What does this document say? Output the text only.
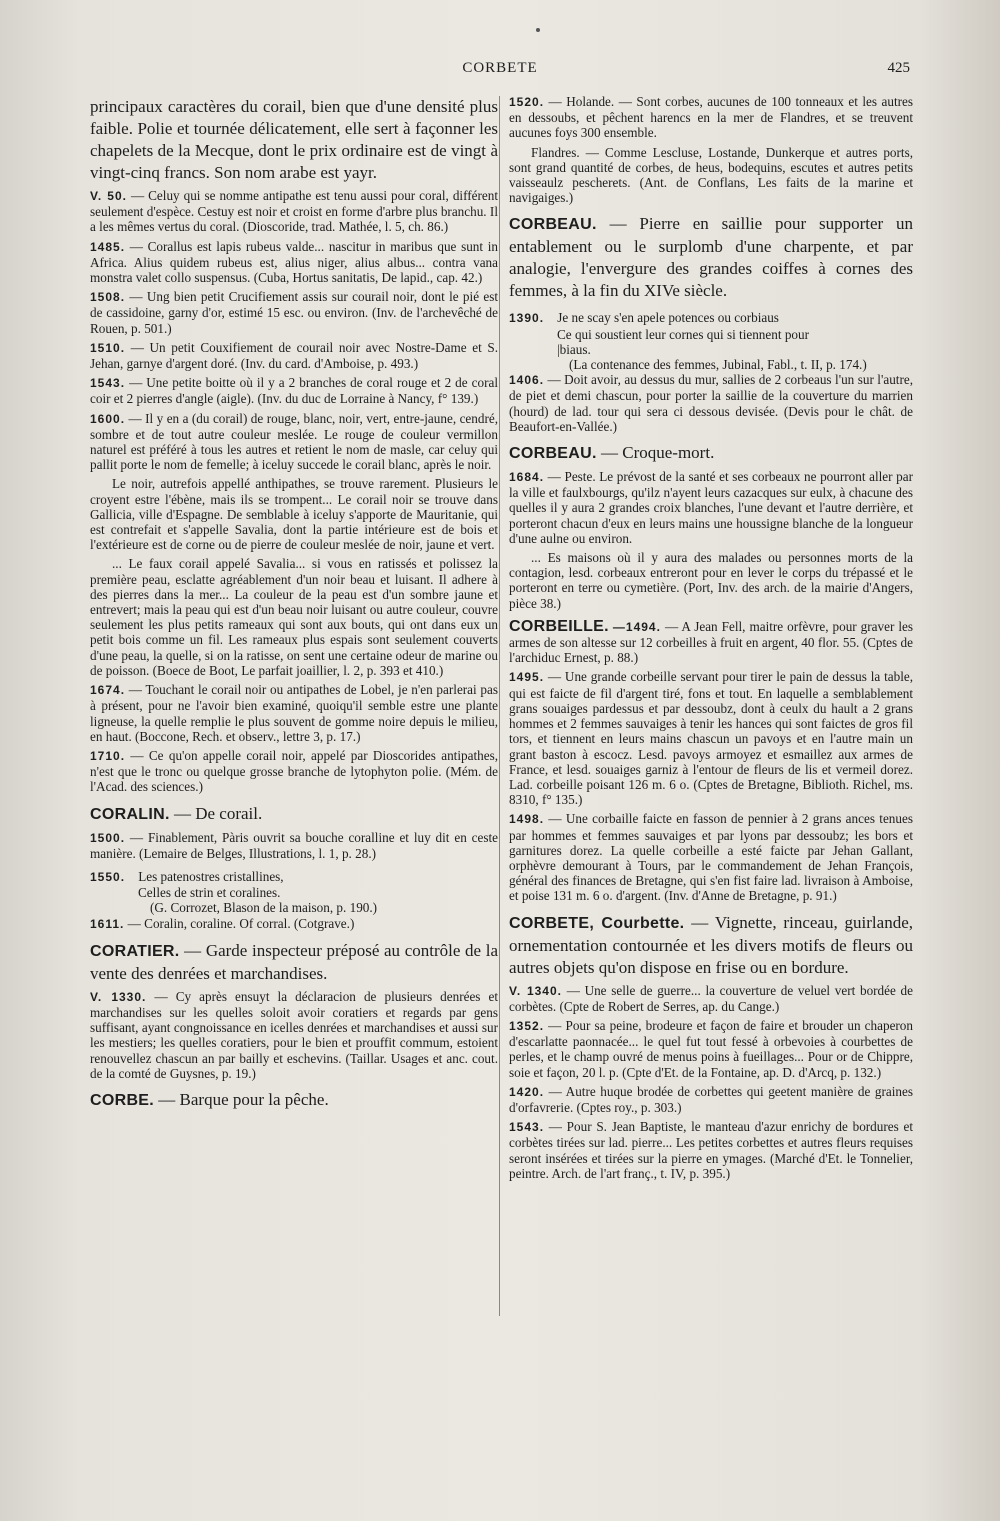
CORBETE	425

principaux caractères du corail, bien que d'une densité plus faible. Polie et tournée délicatement, elle sert à façonner les chapelets de la Mecque, dont le prix ordinaire est de vingt à vingt-cinq francs. Son nom arabe est yayr.

V. 50. — Celuy qui se nomme antipathe est tenu aussi pour coral, différent seulement d'espèce. Cestuy est noir et croist en forme d'arbre plus branchu. Il a les mêmes vertus du coral. (Dioscoride, trad. Mathée, l. 5, ch. 86.)

1485. — Corallus est lapis rubeus valde... nascitur in maribus que sunt in Africa. Alius quidem rubeus est, alius niger, alius albus... contra vana monstra valet collo suspensus. (Cuba, Hortus sanitatis, De lapid., cap. 42.)

1508. — Ung bien petit Crucifiement assis sur courail noir, dont le pié est de cassidoine, garny d'or, estimé 15 esc. ou environ. (Inv. de l'archevêché de Rouen, p. 501.)

1510. — Un petit Couxifiement de courail noir avec Nostre-Dame et S. Jehan, garnye d'argent doré. (Inv. du card. d'Amboise, p. 493.)

1543. — Une petite boitte où il y a 2 branches de coral rouge et 2 de coral coir et 2 pierres d'angle (aigle). (Inv. du duc de Lorraine à Nancy, f° 139.)

1600. — Il y en a (du corail) de rouge, blanc, noir, vert, entre-jaune, cendré, sombre et de tout autre couleur meslée. Le rouge de couleur vermillon naturel est préféré à tous les autres et retient le nom de masle, car celuy qui pallit porte le nom de femelle; à iceluy succede le corail blanc, après le noir.

Le noir, autrefois appellé anthipathes, se trouve rarement. Plusieurs le croyent estre l'ébène, mais ils se trompent... Le corail noir se trouve dans Gallicia, ville d'Espagne. De semblable à iceluy s'apporte de Mauritanie, qui est contrefait et s'appelle Savalia, dont la partie intérieure est de bois et l'extérieure est de corne ou de pierre de couleur meslée de noir, jaune et vert.

... Le faux corail appelé Savalia... si vous en ratissés et polissez la première peau, esclatte agréablement d'un noir beau et luisant. Il adhere à des pierres dans la mer... La couleur de la peau est d'un sombre jaune et entrevert; mais la peau qui est d'un beau noir luisant ou autre couleur, couvre seulement les plus petits rameaux qui sont aux bouts, qui ont dans eux un petit bois comme un fil. Les rameaux plus espais sont seulement couverts d'une peau, la quelle, si on la ratisse, on sent une certaine odeur de marine ou de poisson. (Boece de Boot, Le parfait joaillier, l. 2, p. 393 et 410.)

1674. — Touchant le corail noir ou antipathes de Lobel, je n'en parlerai pas à présent, pour ne l'avoir bien examiné, quoiqu'il semble estre une plante ligneuse, la quelle remplie le plus souvent de gomme noire depuis le milieu, en haut. (Boccone, Rech. et observ., lettre 3, p. 17.)

1710. — Ce qu'on appelle corail noir, appelé par Dioscorides antipathes, n'est que le tronc ou quelque grosse branche de lytophyton polie. (Mém. de l'Acad. des sciences.)

CORALIN. — De corail.

1500. — Finablement, Pàris ouvrit sa bouche coralline et luy dit en ceste manière. (Lemaire de Belges, Illustrations, l. 1, p. 28.)

1550.  Les patenostres cristallines,
Celles de strin et coralines.
(G. Corrozet, Blason de la maison, p. 190.)

1611. — Coralin, coraline. Of corral. (Cotgrave.)

CORATIER. — Garde inspecteur préposé au contrôle de la vente des denrées et marchandises.

V. 1330. — Cy après ensuyt la déclaracion de plusieurs denrées et marchandises sur les quelles soloit avoir coratiers et regards par gens suffisant, ayant congnoissance en icelles denrées et marchandises et aussi sur les mestiers; les quelles coratiers, pour le bien et prouffit commum, estoient renouvellez chascun an par bailly et eschevins. (Taillar. Usages et anc. cout. de la comté de Guysnes, p. 19.)

CORBE. — Barque pour la pêche.

1520. — Holande. — Sont corbes, aucunes de 100 tonneaux et les autres en dessoubs, et pêchent harencs en la mer de Flandres, et se treuvent aucunes foys 300 ensemble.

Flandres. — Comme Lesclusе, Lostande, Dunkerque et autres ports, sont grand quantité de corbes, de heus, bodequins, escutes et autres petits vaisseaulz pescherets. (Ant. de Conflans, Les faits de la marine et navigaiges.)

CORBEAU. — Pierre en saillie pour supporter un entablement ou le surplomb d'une charpente, et par analogie, l'envergure des grandes coiffes à cornes des femmes, à la fin du XIVe siècle.

1390.  Je ne scay s'en apele potences ou corbiaus
Ce qui soustient leur cornes qui si tiennent pour
|biaus.
(La contenance des femmes, Jubinal, Fabl., t. II, p. 174.)

1406. — Doit avoir, au dessus du mur, sallies de 2 corbeaus l'un sur l'autre, de piet et demi chascun, pour porter la saillie de la couverture du marrien (hourd) de lad. tour qui sera ci dessous devisée. (Devis pour le chât. de Beaufort-en-Vallée.)

CORBEAU. — Croque-mort.

1684. — Peste. Le prévost de la santé et ses corbeaux ne pourront aller par la ville et faulxbourgs, qu'ilz n'ayent leurs cazacques sur eulx, à chacune des quelles il y aura 2 grandes croix blanches, l'une devant et l'autre derrière, et porteront chacun d'eux en leurs mains une houssigne blanche de la longueur d'une aulne ou environ.

... Es maisons où il y aura des malades ou personnes morts de la contagion, lesd. corbeaux entreront pour en lever le corps du trépassé et le porteront en terre ou cymetière. (Port, Inv. des arch. de la mairie d'Angers, pièce 38.)

CORBEILLE. —1494. — A Jean Fell, maitre orfèvre, pour graver les armes de son altesse sur 12 corbeilles à fruit en argent, 40 flor. 55. (Cptes de l'archiduc Ernest, p. 88.)

1495. — Une grande corbeille servant pour tirer le pain de dessus la table, qui est faicte de fil d'argent tiré, fons et tout. En laquelle a semblablement grans souaiges pardessus et par dessoubz, dont à ceulx du hault a 2 grans hommes et 2 femmes sauvaiges à tenir les hances qui sont faictes de gros fil tors, et tiennent en leurs mains chascun un pavoys et en l'autre main un grant baston à escocz. Lesd. pavoys armoyez et esmaillez aux armes de France, et lesd. souaiges garniz à l'entour de fleurs de lis et vermeil dorez. Lad. corbeille poisant 126 m. 6 o. (Cptes de Bretagne, Biblioth. Richel, ms. 8310, f° 135.)

1498. — Une corbaille faicte en fasson de pennier à 2 grans ances tenues par hommes et femmes sauvaiges et par lyons par dessoubz; les bors et garnitures dorez. La quelle corbeille a esté faicte par Jehan Gallant, orphèvre demourant à Tours, par le commandement de Jehan François, général des finances de Bretagne, qui s'en fist faire lad. livraison à Amboise, et poise 131 m. 6 o. d'argent. (Inv. d'Anne de Bretagne, p. 91.)

CORBETE, Courbette. — Vignette, rinceau, guirlande, ornementation contournée et les divers motifs de fleurs ou autres objets qu'on dispose en frise ou en bordure.

V. 1340. — Une selle de guerre... la couverture de veluel vert bordée de corbètes. (Cpte de Robert de Serres, ap. du Cange.)

1352. — Pour sa peine, brodeure et façon de faire et brouder un chaperon d'escarlatte paonnacée... le quel fut tout fessé à orbevoies à courbettes de perles, et le champ ouvré de menus poins à fueillages... Pour or de Chippre, soie et façon, 20 l. p. (Cpte d'Et. de la Fontaine, ap. D. d'Arcq, p. 132.)

1420. — Autre huque brodée de corbettes qui geetent manière de graines d'orfavrerie. (Cptes roy., p. 303.)

1543. — Pour S. Jean Baptiste, le manteau d'azur enrichy de bordures et corbètes tirées sur lad. pierre... Les petites corbettes et autres fleurs requises seront insérées et tirées sur la pierre en ymages. (Marché d'Et. le Tonnelier, peintre. Arch. de l'art franç., t. IV, p. 395.)
